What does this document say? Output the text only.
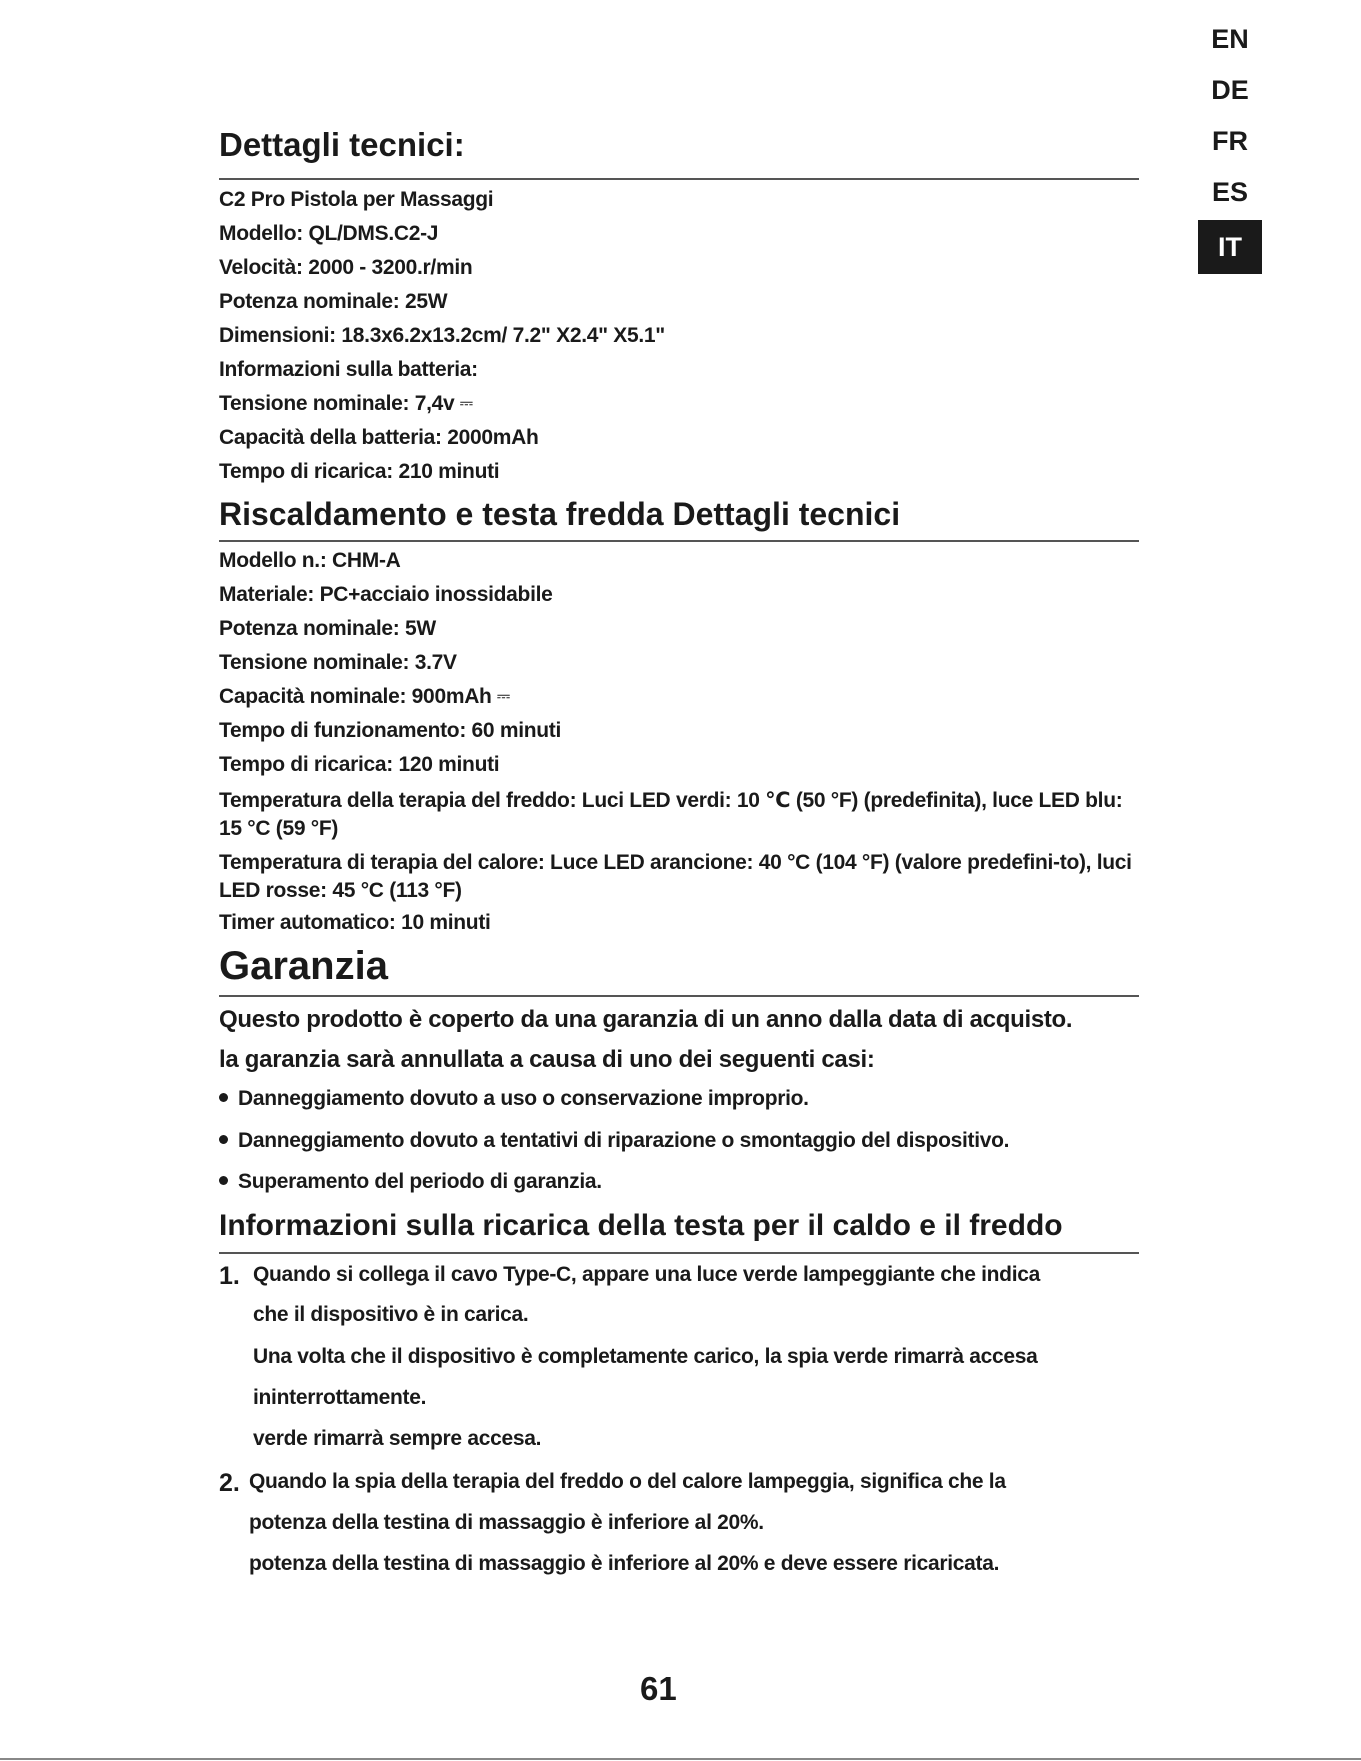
EN
DE
FR
ES
IT
Dettagli tecnici:
C2 Pro Pistola per Massaggi
Modello: QL/DMS.C2-J
Velocità: 2000 - 3200.r/min
Potenza nominale: 25W
Dimensioni: 18.3x6.2x13.2cm/ 7.2" X2.4" X5.1"
Informazioni sulla batteria:
Tensione nominale: 7,4v ⎓
Capacità della batteria: 2000mAh
Tempo di ricarica: 210 minuti
Riscaldamento e testa fredda Dettagli tecnici
Modello n.: CHM-A
Materiale: PC+acciaio inossidabile
Potenza nominale: 5W
Tensione nominale: 3.7V
Capacità nominale: 900mAh ⎓
Tempo di funzionamento: 60 minuti
Tempo di ricarica: 120 minuti
Temperatura della terapia del freddo: Luci LED verdi: 10 ℃ (50 °F) (predefinita), luce LED blu: 15 °C (59 °F)
Temperatura di terapia del calore: Luce LED arancione: 40 °C (104 °F) (valore predefini-to), luci LED rosse: 45 °C (113 °F)
Timer automatico: 10 minuti
Garanzia
Questo prodotto è coperto da una garanzia di un anno dalla data di acquisto.
la garanzia sarà annullata a causa di uno dei seguenti casi:
Danneggiamento dovuto a uso o conservazione improprio.
Danneggiamento dovuto a tentativi di riparazione o smontaggio del dispositivo.
Superamento del periodo di garanzia.
Informazioni sulla ricarica della testa per il caldo e il freddo
1. Quando si collega il cavo Type-C, appare una luce verde lampeggiante che indica
che il dispositivo è in carica.
Una volta che il dispositivo è completamente carico, la spia verde rimarrà accesa
ininterrottamente.
verde rimarrà sempre accesa.
2. Quando la spia della terapia del freddo o del calore lampeggia, significa che la
potenza della testina di massaggio è inferiore al 20%.
potenza della testina di massaggio è inferiore al 20% e deve essere ricaricata.
61
